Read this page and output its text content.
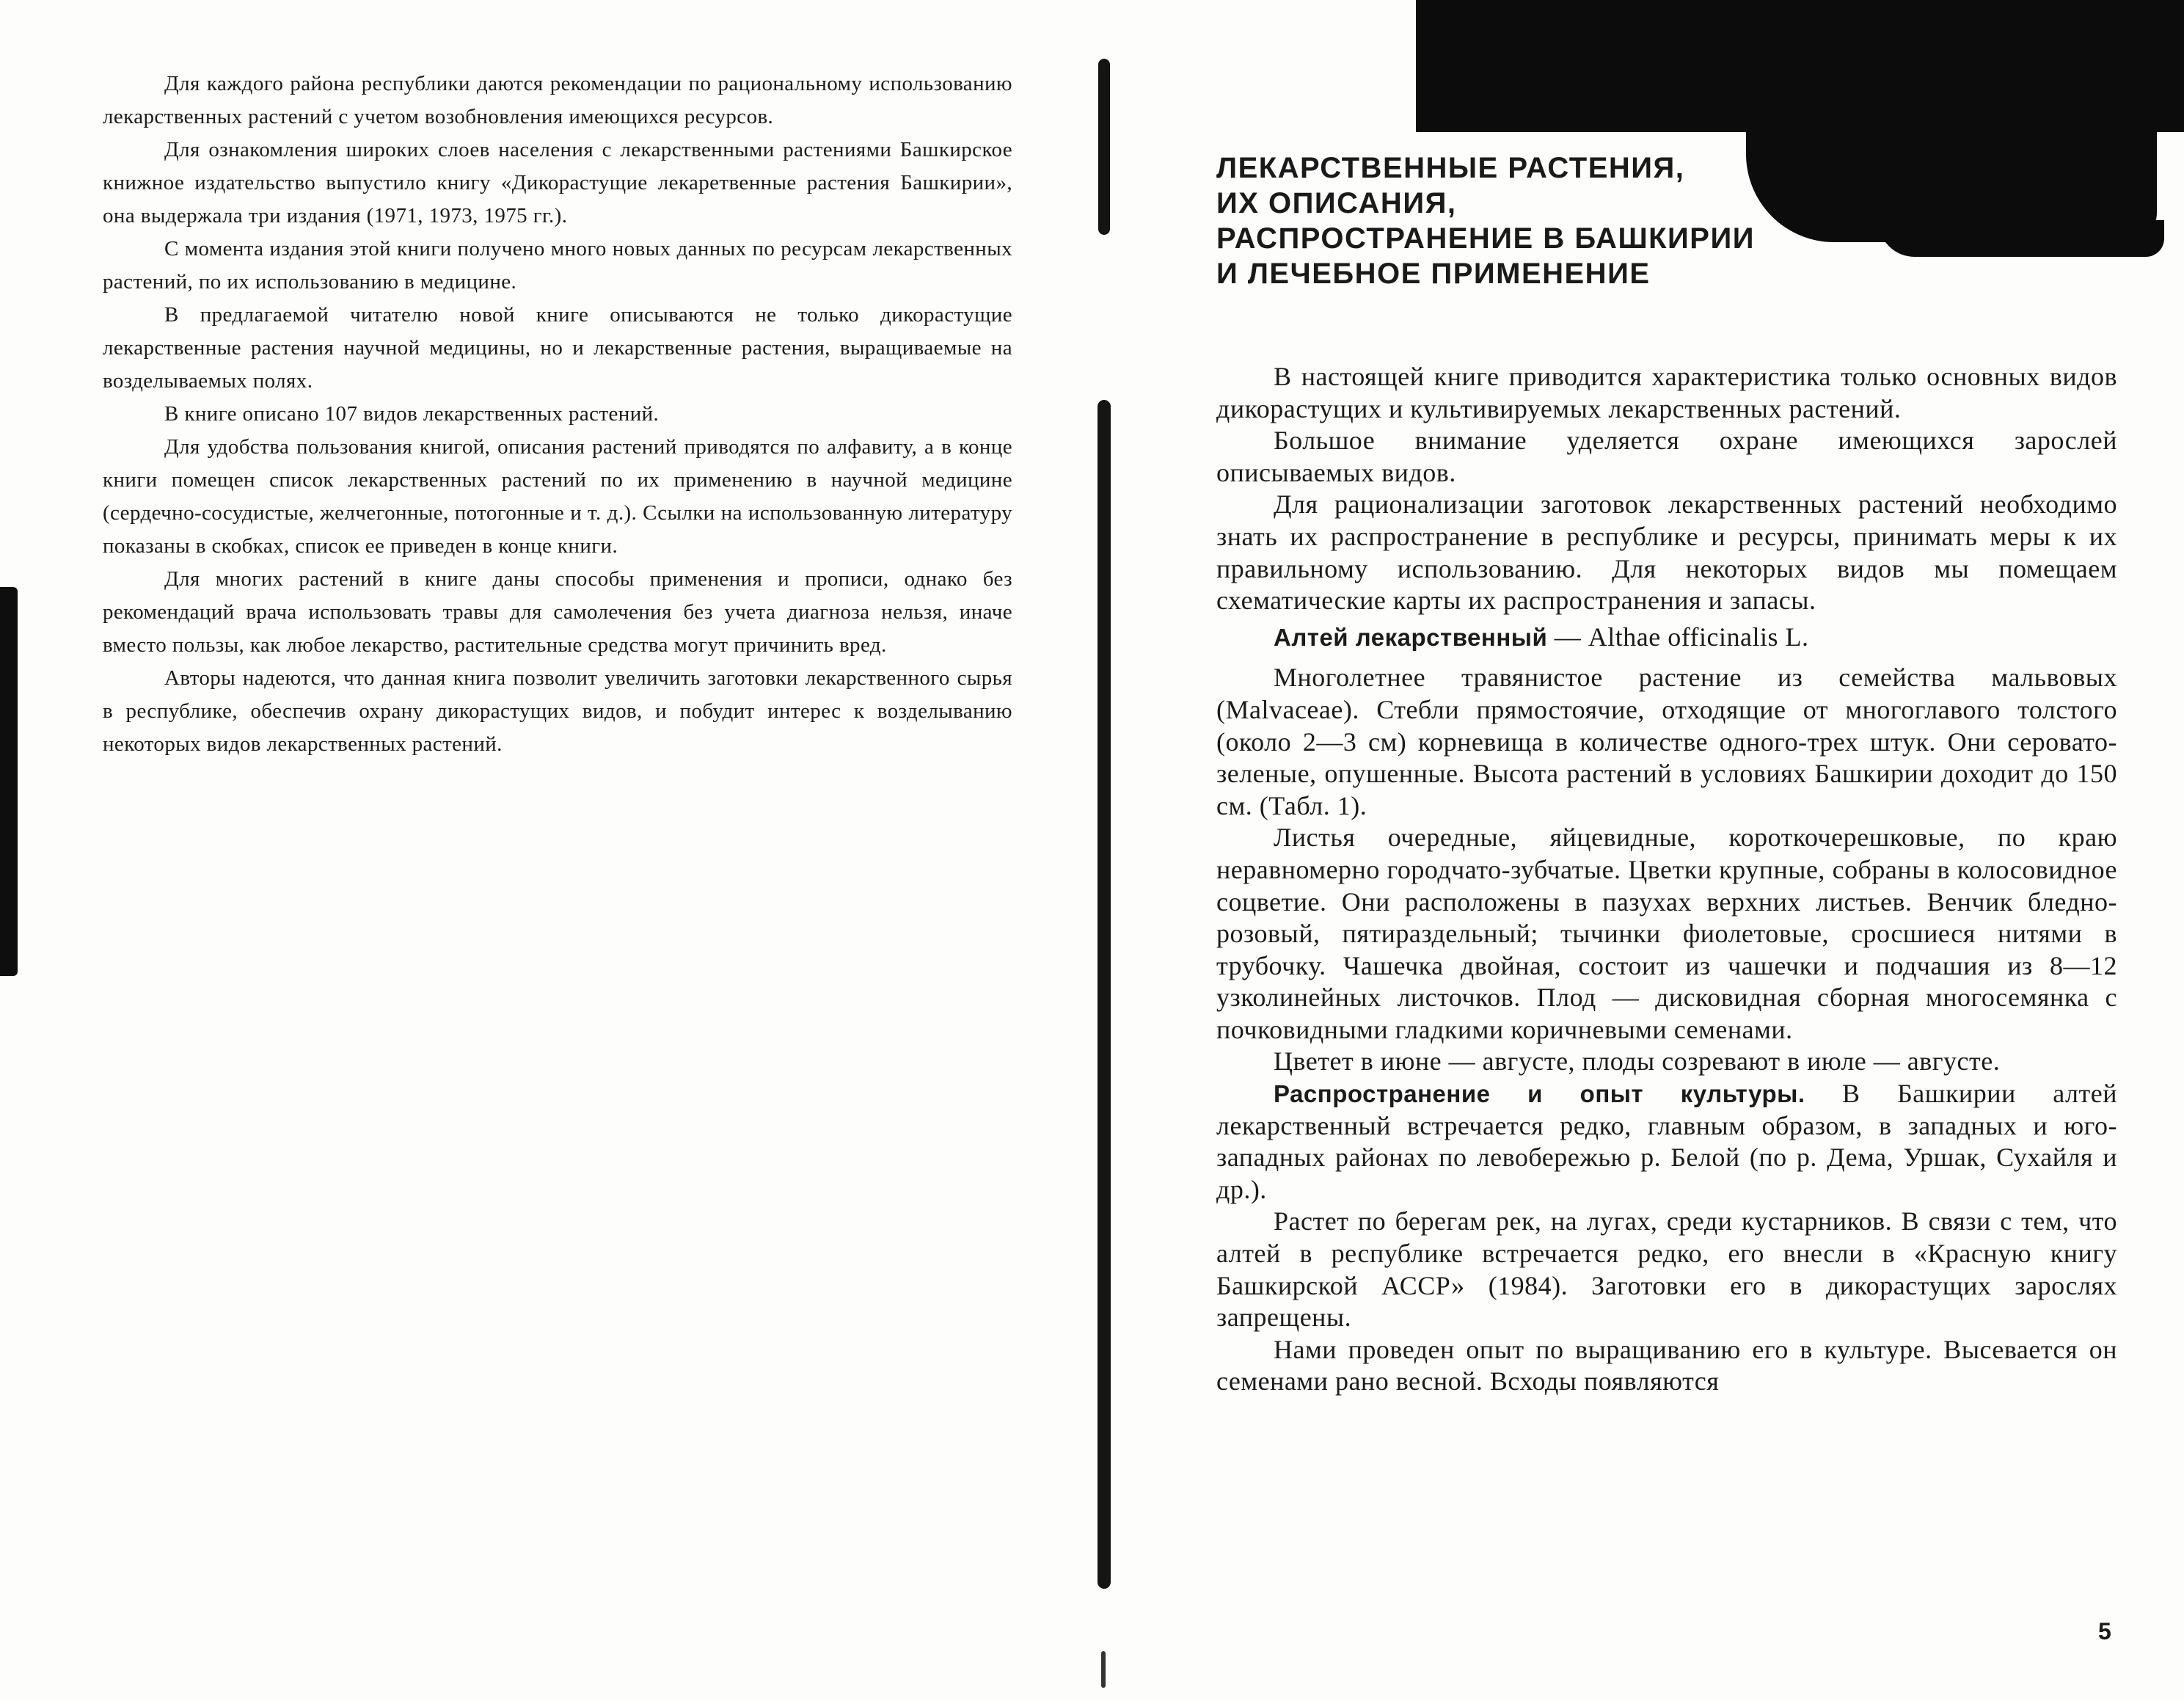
Для каждого района республики даются рекомендации по рациональному использованию лекарственных растений с учетом возобновления имеющихся ресурсов.

Для ознакомления широких слоев населения с лекарственными растениями Башкирское книжное издательство выпустило книгу «Дикорастущие лекаретвенные растения Башкирии», она выдержала три издания (1971, 1973, 1975 гг.).

С момента издания этой книги получено много новых данных по ресурсам лекарственных растений, по их использованию в медицине.

В предлагаемой читателю новой книге описываются не только дикорастущие лекарственные растения научной медицины, но и лекарственные растения, выращиваемые на возделываемых полях.

В книге описано 107 видов лекарственных растений.

Для удобства пользования книгой, описания растений приводятся по алфавиту, а в конце книги помещен список лекарственных растений по их применению в научной медицине (сердечно-сосудистые, желчегонные, потогонные и т. д.). Ссылки на использованную литературу показаны в скобках, список ее приведен в конце книги.

Для многих растений в книге даны способы применения и прописи, однако без рекомендаций врача использовать травы для самолечения без учета диагноза нельзя, иначе вместо пользы, как любое лекарство, растительные средства могут причинить вред.

Авторы надеются, что данная книга позволит увеличить заготовки лекарственного сырья в республике, обеспечив охрану дикорастущих видов, и побудит интерес к возделыванию некоторых видов лекарственных растений.

ЛЕКАРСТВЕННЫЕ РАСТЕНИЯ,
ИХ ОПИСАНИЯ,
РАСПРОСТРАНЕНИЕ В БАШКИРИИ
И ЛЕЧЕБНОЕ ПРИМЕНЕНИЕ

В настоящей книге приводится характеристика только основных видов дикорастущих и культивируемых лекарственных растений.

Большое внимание уделяется охране имеющихся зарослей описываемых видов.

Для рационализации заготовок лекарственных растений необходимо знать их распространение в республике и ресурсы, принимать меры к их правильному использованию. Для некоторых видов мы помещаем схематические карты их распространения и запасы.

Алтей лекарственный — Althae officinalis L.

Многолетнее травянистое растение из семейства мальвовых (Malvaceae). Стебли прямостоячие, отходящие от многоглавого толстого (около 2—3 см) корневища в количестве одного-трех штук. Они серовато-зеленые, опушенные. Высота растений в условиях Башкирии доходит до 150 см. (Табл. 1).

Листья очередные, яйцевидные, короткочерешковые, по краю неравномерно городчато-зубчатые. Цветки крупные, собраны в колосовидное соцветие. Они расположены в пазухах верхних листьев. Венчик бледно-розовый, пятираздельный; тычинки фиолетовые, сросшиеся нитями в трубочку. Чашечка двойная, состоит из чашечки и подчашия из 8—12 узколинейных листочков. Плод — дисковидная сборная многосемянка с почковидными гладкими коричневыми семенами.

Цветет в июне — августе, плоды созревают в июле — августе.

Распространение и опыт культуры. В Башкирии алтей лекарственный встречается редко, главным образом, в западных и юго-западных районах по левобережью р. Белой (по р. Дема, Уршак, Сухайля и др.).

Растет по берегам рек, на лугах, среди кустарников. В связи с тем, что алтей в республике встречается редко, его внесли в «Красную книгу Башкирской АССР» (1984). Заготовки его в дикорастущих зарослях запрещены.

Нами проведен опыт по выращиванию его в культуре. Высевается он семенами рано весной. Всходы появляются

5
